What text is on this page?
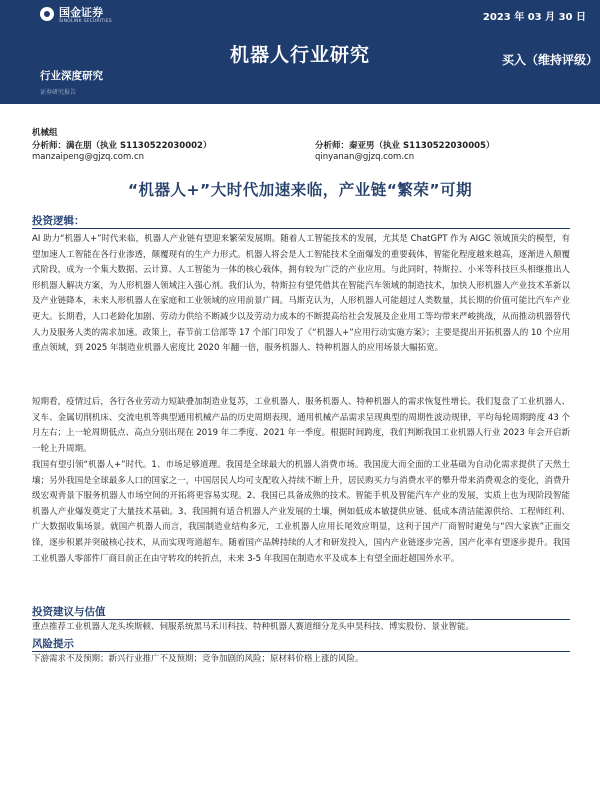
国金证券
SINOLINK SECURITIES	2023 年 03 月 30 日
机器人行业研究	买入（维持评级）
行业深度研究
证券研究报告
机械组
分析师：满在朋（执业 S1130522030002）	分析师：秦亚男（执业 S1130522030005）
manzaipeng@gjzq.com.cn	qinyanan@gjzq.com.cn
“机器人+”大时代加速来临，产业链“繁荣”可期
投资逻辑：

AI 助力“机器人+”时代来临，机器人产业链有望迎来繁荣发展期。随着人工智能技术的发展，尤其是 ChatGPT 作为 AIGC 领域顶尖的模型，有望加速人工智能在各行业渗透，颠覆现有的生产力形式。机器人将会是人工智能技术全面爆发的重要载体，智能化程度越来越高，逐渐进入颠覆式阶段，成为一个集大数据、云计算、人工智能为一体的核心载体，拥有较为广泛的产业应用。与此同时，特斯拉、小米等科技巨头相继推出人形机器人解决方案，为人形机器人领域注入强心剂。我们认为，特斯拉有望凭借其在智能汽车领域的制造技术，加快人形机器人产业技术革新以及产业链降本，未来人形机器人在家庭和工业领域的应用前景广阔。马斯克认为，人形机器人可能超过人类数量，其长期的价值可能比汽车产业更大。长期看，人口老龄化加剧、劳动力供给不断减少以及劳动力成本的不断提高给社会发展及企业用工等均带来严峻挑战，从而推动机器替代人力及服务人类的需求加速。政策上，春节前工信部等 17 个部门印发了《“机器人+”应用行动实施方案》；主要是提出开拓机器人的 10 个应用重点领域，到 2025 年制造业机器人密度比 2020 年翻一倍，服务机器人、特种机器人的应用场景大幅拓宽。

短期看，疫情过后，各行各业劳动力短缺叠加制造业复苏，工业机器人、服务机器人、特种机器人的需求恢复性增长。我们复盘了工业机器人、叉车、金属切削机床、交流电机等典型通用机械产品的历史周期表现，通用机械产品需求呈现典型的周期性波动规律，平均每轮周期跨度 43 个月左右；上一轮周期低点、高点分别出现在 2019 年二季度、2021 年一季度。根据时间跨度，我们判断我国工业机器人行业 2023 年会开启新一轮上升周期。

我国有望引领“机器人+”时代。1、市场足够道理。我国是全球最大的机器人消费市场。我国庞大而全面的工业基础为自动化需求提供了天然土壤；另外我国是全球最多人口的国家之一，中国居民人均可支配收入持续不断上升，居民购买力与消费水平的攀升带来消费观念的变化，消费升级宏观背景下服务机器人市场空间的开拓将更容易实现。2、我国已具备成熟的技术。智能手机及智能汽车产业的发展，实质上也为现阶段智能机器人产业爆发奠定了大量技术基础。3、我国拥有适合机器人产业发展的土壤，例如低成本敏捷供应链、低成本清洁能源供给、工程师红利、广大数据收集场景。就国产机器人而言，我国制造业结构多元，工业机器人应用长尾效应明显，这利于国产厂商智时避免与“四大家族”正面交锋，逐步积累并突破核心技术，从而实现弯道超车。随着国产品牌持续的人才和研发投入，国内产业链逐步完善，国产化率有望逐步提升。我国工业机器人零部件厂商目前正在由守转攻的转折点，未来 3-5 年我国在制造水平及成本上有望全面赶超国外水平。

投资建议与估值

重点推荐工业机器人龙头埃斯顿、伺服系统黑马禾川科技、特种机器人赛道细分龙头申昊科技、博实股份、景业智能。

风险提示

下游需求不及预期；新兴行业推广不及预期；竞争加剧的风险；原材料价格上涨的风险。
